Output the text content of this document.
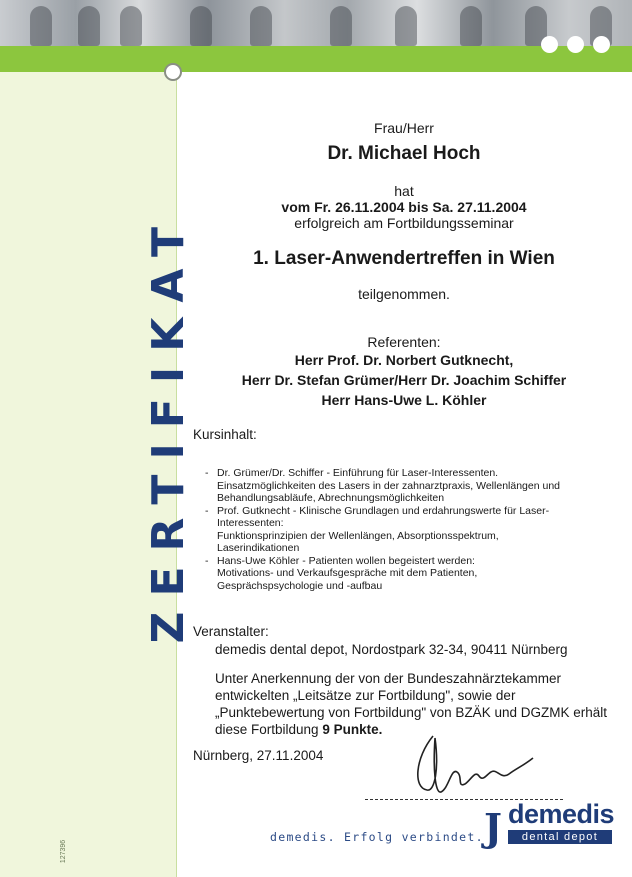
ZERTIFIKAT
127396
Frau/Herr
Dr. Michael Hoch
hat
vom Fr. 26.11.2004 bis Sa. 27.11.2004
erfolgreich am Fortbildungsseminar
1. Laser-Anwendertreffen in Wien
teilgenommen.
Referenten:
Herr Prof. Dr. Norbert Gutknecht,
Herr Dr. Stefan Grümer/Herr Dr. Joachim Schiffer
Herr Hans-Uwe L. Köhler
Kursinhalt:
- Dr. Grümer/Dr. Schiffer - Einführung für Laser-Interessenten.
Einsatzmöglichkeiten des Lasers in der zahnarztpraxis, Wellenlängen und
Behandlungsabläufe, Abrechnungsmöglichkeiten
- Prof. Gutknecht - Klinische Grundlagen und erdahrungswerte für Laser-
Interessenten:
Funktionsprinzipien der Wellenlängen, Absorptionsspektrum,
Laserindikationen
- Hans-Uwe Köhler - Patienten wollen begeistert werden:
Motivations- und Verkaufsgespräche mit dem Patienten,
Gesprächspsychologie und -aufbau
Veranstalter:
demedis dental depot, Nordostpark 32-34, 90411 Nürnberg
Unter Anerkennung der von der Bundeszahnärztekammer
entwickelten „Leitsätze zur Fortbildung", sowie der
„Punktebewertung von Fortbildung" von BZÄK und DGZMK erhält
diese Fortbildung 9 Punkte.
Nürnberg, 27.11.2004
demedis. Erfolg verbindet. J demedis
dental depot
